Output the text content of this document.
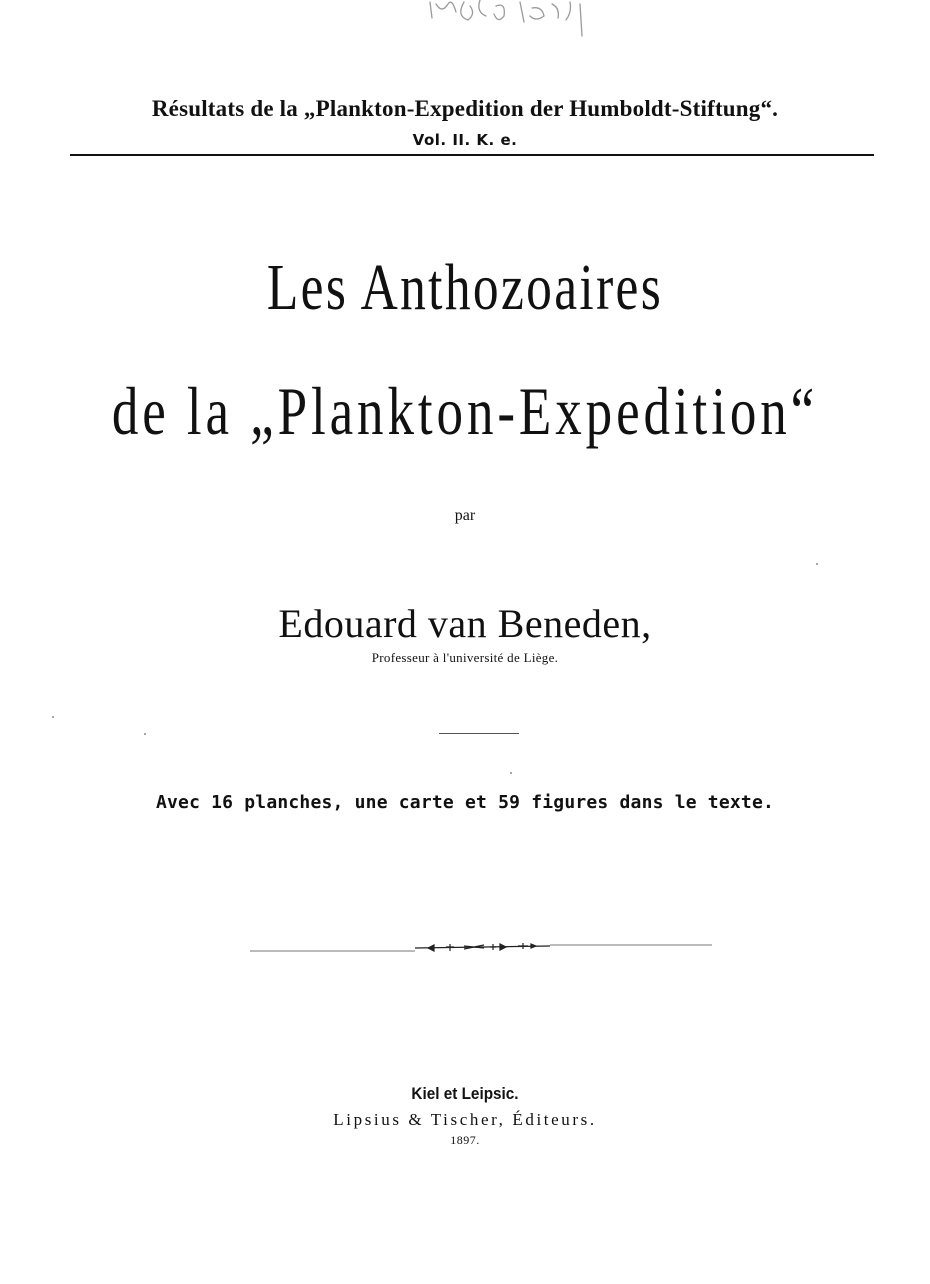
Résultats de la „Plankton-Expedition der Humboldt-Stiftung“.
Vol. II. K. e.
Les Anthozoaires
de la „Plankton-Expedition“
par
Edouard van Beneden,
Professeur à l'université de Liège.
Avec 16 planches, une carte et 59 figures dans le texte.
Kiel et Leipsic.
Lipsius & Tischer, Éditeurs.
1897.
